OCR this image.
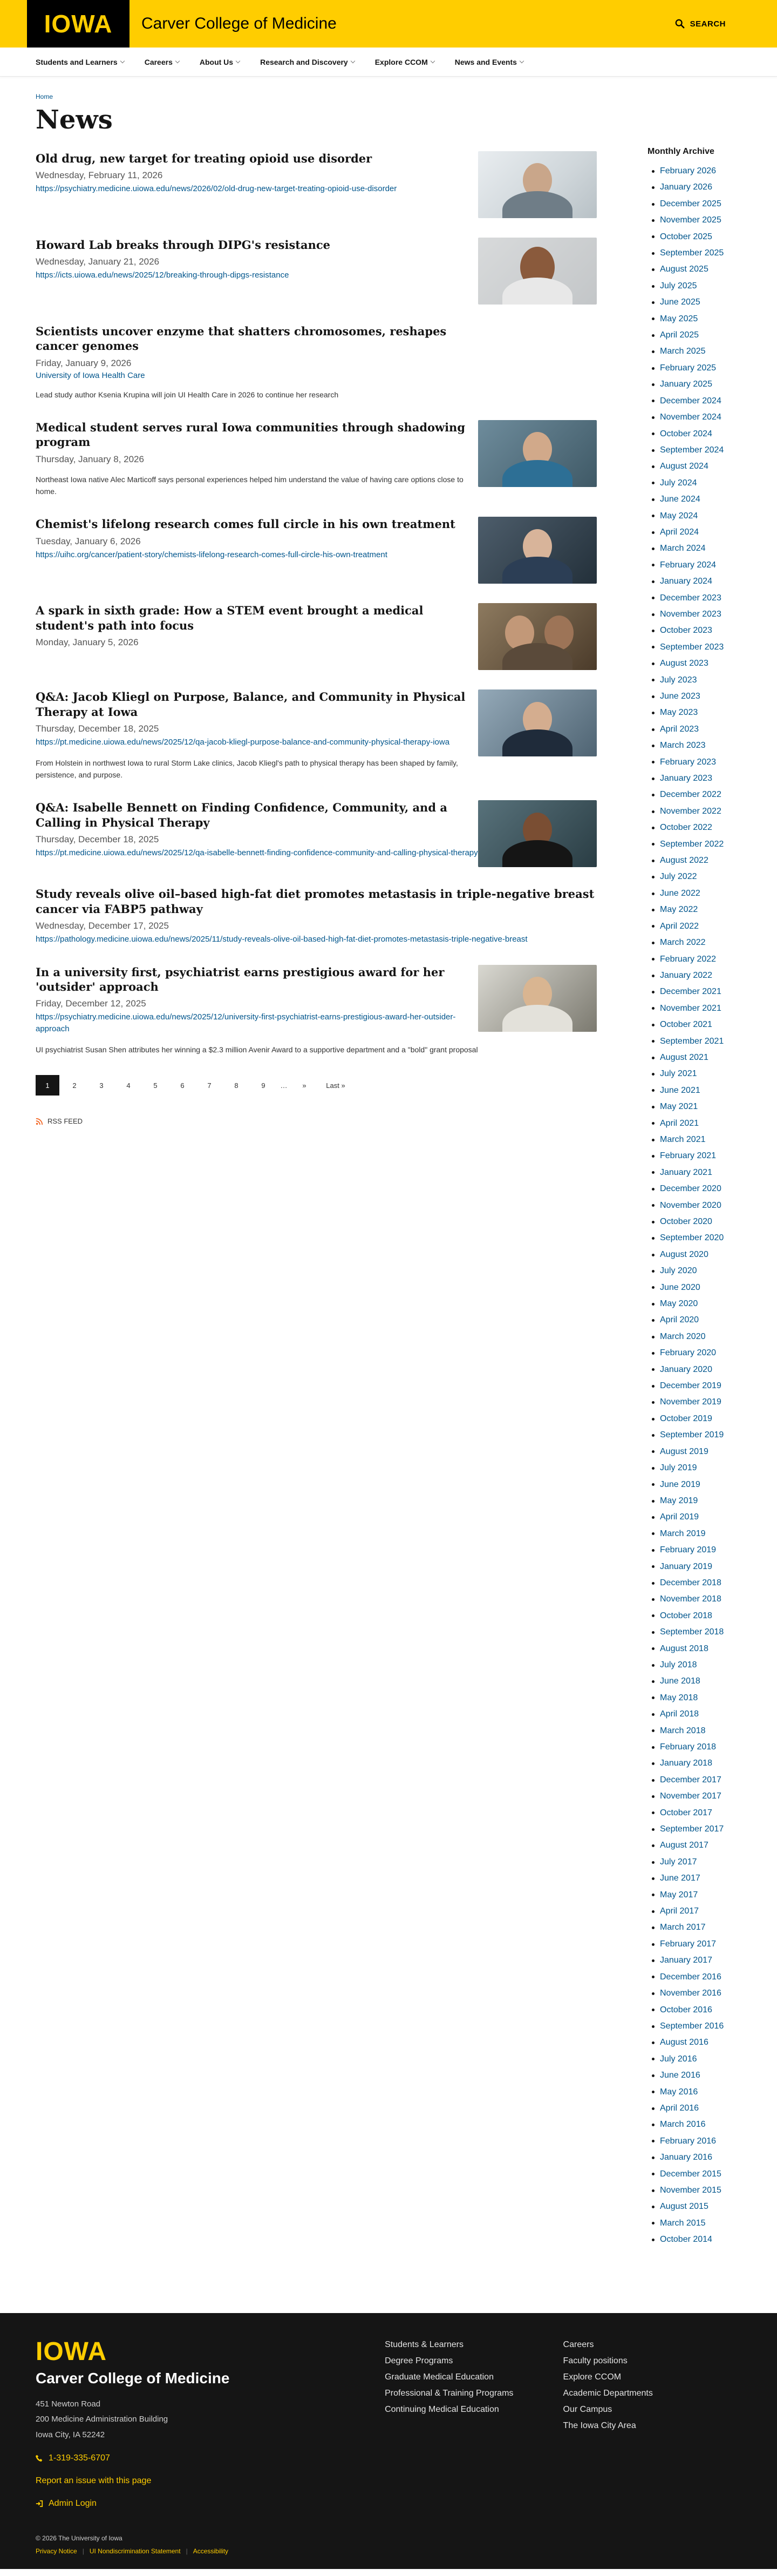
IOWA	Carver College of Medicine	SEARCH
Students and Learners	Careers	About Us	Research and Discovery	Explore CCOM	News and Events
Home
News
Old drug, new target for treating opioid use disorder
Wednesday, February 11, 2026
https://psychiatry.medicine.uiowa.edu/news/2026/02/old-drug-new-target-treating-opioid-use-disorder
Howard Lab breaks through DIPG's resistance
Wednesday, January 21, 2026
https://icts.uiowa.edu/news/2025/12/breaking-through-dipgs-resistance
Scientists uncover enzyme that shatters chromosomes, reshapes cancer genomes
Friday, January 9, 2026
University of Iowa Health Care

Lead study author Ksenia Krupina will join UI Health Care in 2026 to continue her research

Medical student serves rural Iowa communities through shadowing program
Thursday, January 8, 2026

Northeast Iowa native Alec Marticoff says personal experiences helped him understand the value of having care options close to home.

Chemist's lifelong research comes full circle in his own treatment
Tuesday, January 6, 2026
https://uihc.org/cancer/patient-story/chemists-lifelong-research-comes-full-circle-his-own-treatment
A spark in sixth grade: How a STEM event brought a medical student's path into focus
Monday, January 5, 2026
Q&A: Jacob Kliegl on Purpose, Balance, and Community in Physical Therapy at Iowa
Thursday, December 18, 2025
https://pt.medicine.uiowa.edu/news/2025/12/qa-jacob-kliegl-purpose-balance-and-community-physical-therapy-iowa

From Holstein in northwest Iowa to rural Storm Lake clinics, Jacob Kliegl's path to physical therapy has been shaped by family, persistence, and purpose.

Q&A: Isabelle Bennett on Finding Confidence, Community, and a Calling in Physical Therapy
Thursday, December 18, 2025
https://pt.medicine.uiowa.edu/news/2025/12/qa-isabelle-bennett-finding-confidence-community-and-calling-physical-therapy
Study reveals olive oil–based high-fat diet promotes metastasis in triple-negative breast cancer via FABP5 pathway
Wednesday, December 17, 2025
https://pathology.medicine.uiowa.edu/news/2025/11/study-reveals-olive-oil-based-high-fat-diet-promotes-metastasis-triple-negative-breast
In a university first, psychiatrist earns prestigious award for her 'outsider' approach
Friday, December 12, 2025
https://psychiatry.medicine.uiowa.edu/news/2025/12/university-first-psychiatrist-earns-prestigious-award-her-outsider-approach

UI psychiatrist Susan Shen attributes her winning a $2.3 million Avenir Award to a supportive department and a "bold" grant proposal

1	2	3	4	5	6	7	8	9	…	»	Last »
RSS FEED
Monthly Archive
February 2026
January 2026
December 2025
November 2025
October 2025
September 2025
August 2025
July 2025
June 2025
May 2025
April 2025
March 2025
February 2025
January 2025
December 2024
November 2024
October 2024
September 2024
August 2024
July 2024
June 2024
May 2024
April 2024
March 2024
February 2024
January 2024
December 2023
November 2023
October 2023
September 2023
August 2023
July 2023
June 2023
May 2023
April 2023
March 2023
February 2023
January 2023
December 2022
November 2022
October 2022
September 2022
August 2022
July 2022
June 2022
May 2022
April 2022
March 2022
February 2022
January 2022
December 2021
November 2021
October 2021
September 2021
August 2021
July 2021
June 2021
May 2021
April 2021
March 2021
February 2021
January 2021
December 2020
November 2020
October 2020
September 2020
August 2020
July 2020
June 2020
May 2020
April 2020
March 2020
February 2020
January 2020
December 2019
November 2019
October 2019
September 2019
August 2019
July 2019
June 2019
May 2019
April 2019
March 2019
February 2019
January 2019
December 2018
November 2018
October 2018
September 2018
August 2018
July 2018
June 2018
May 2018
April 2018
March 2018
February 2018
January 2018
December 2017
November 2017
October 2017
September 2017
August 2017
July 2017
June 2017
May 2017
April 2017
March 2017
February 2017
January 2017
December 2016
November 2016
October 2016
September 2016
August 2016
July 2016
June 2016
May 2016
April 2016
March 2016
February 2016
January 2016
December 2015
November 2015
August 2015
March 2015
October 2014
IOWA
Carver College of Medicine
451 Newton Road
200 Medicine Administration Building
Iowa City, IA 52242
1-319-335-6707
Report an issue with this page
Admin Login
Students & Learners
Degree Programs
Graduate Medical Education
Professional & Training Programs
Continuing Medical Education
Careers
Faculty positions
Explore CCOM
Academic Departments
Our Campus
The Iowa City Area
© 2026 The University of Iowa
Privacy Notice | UI Nondiscrimination Statement | Accessibility
